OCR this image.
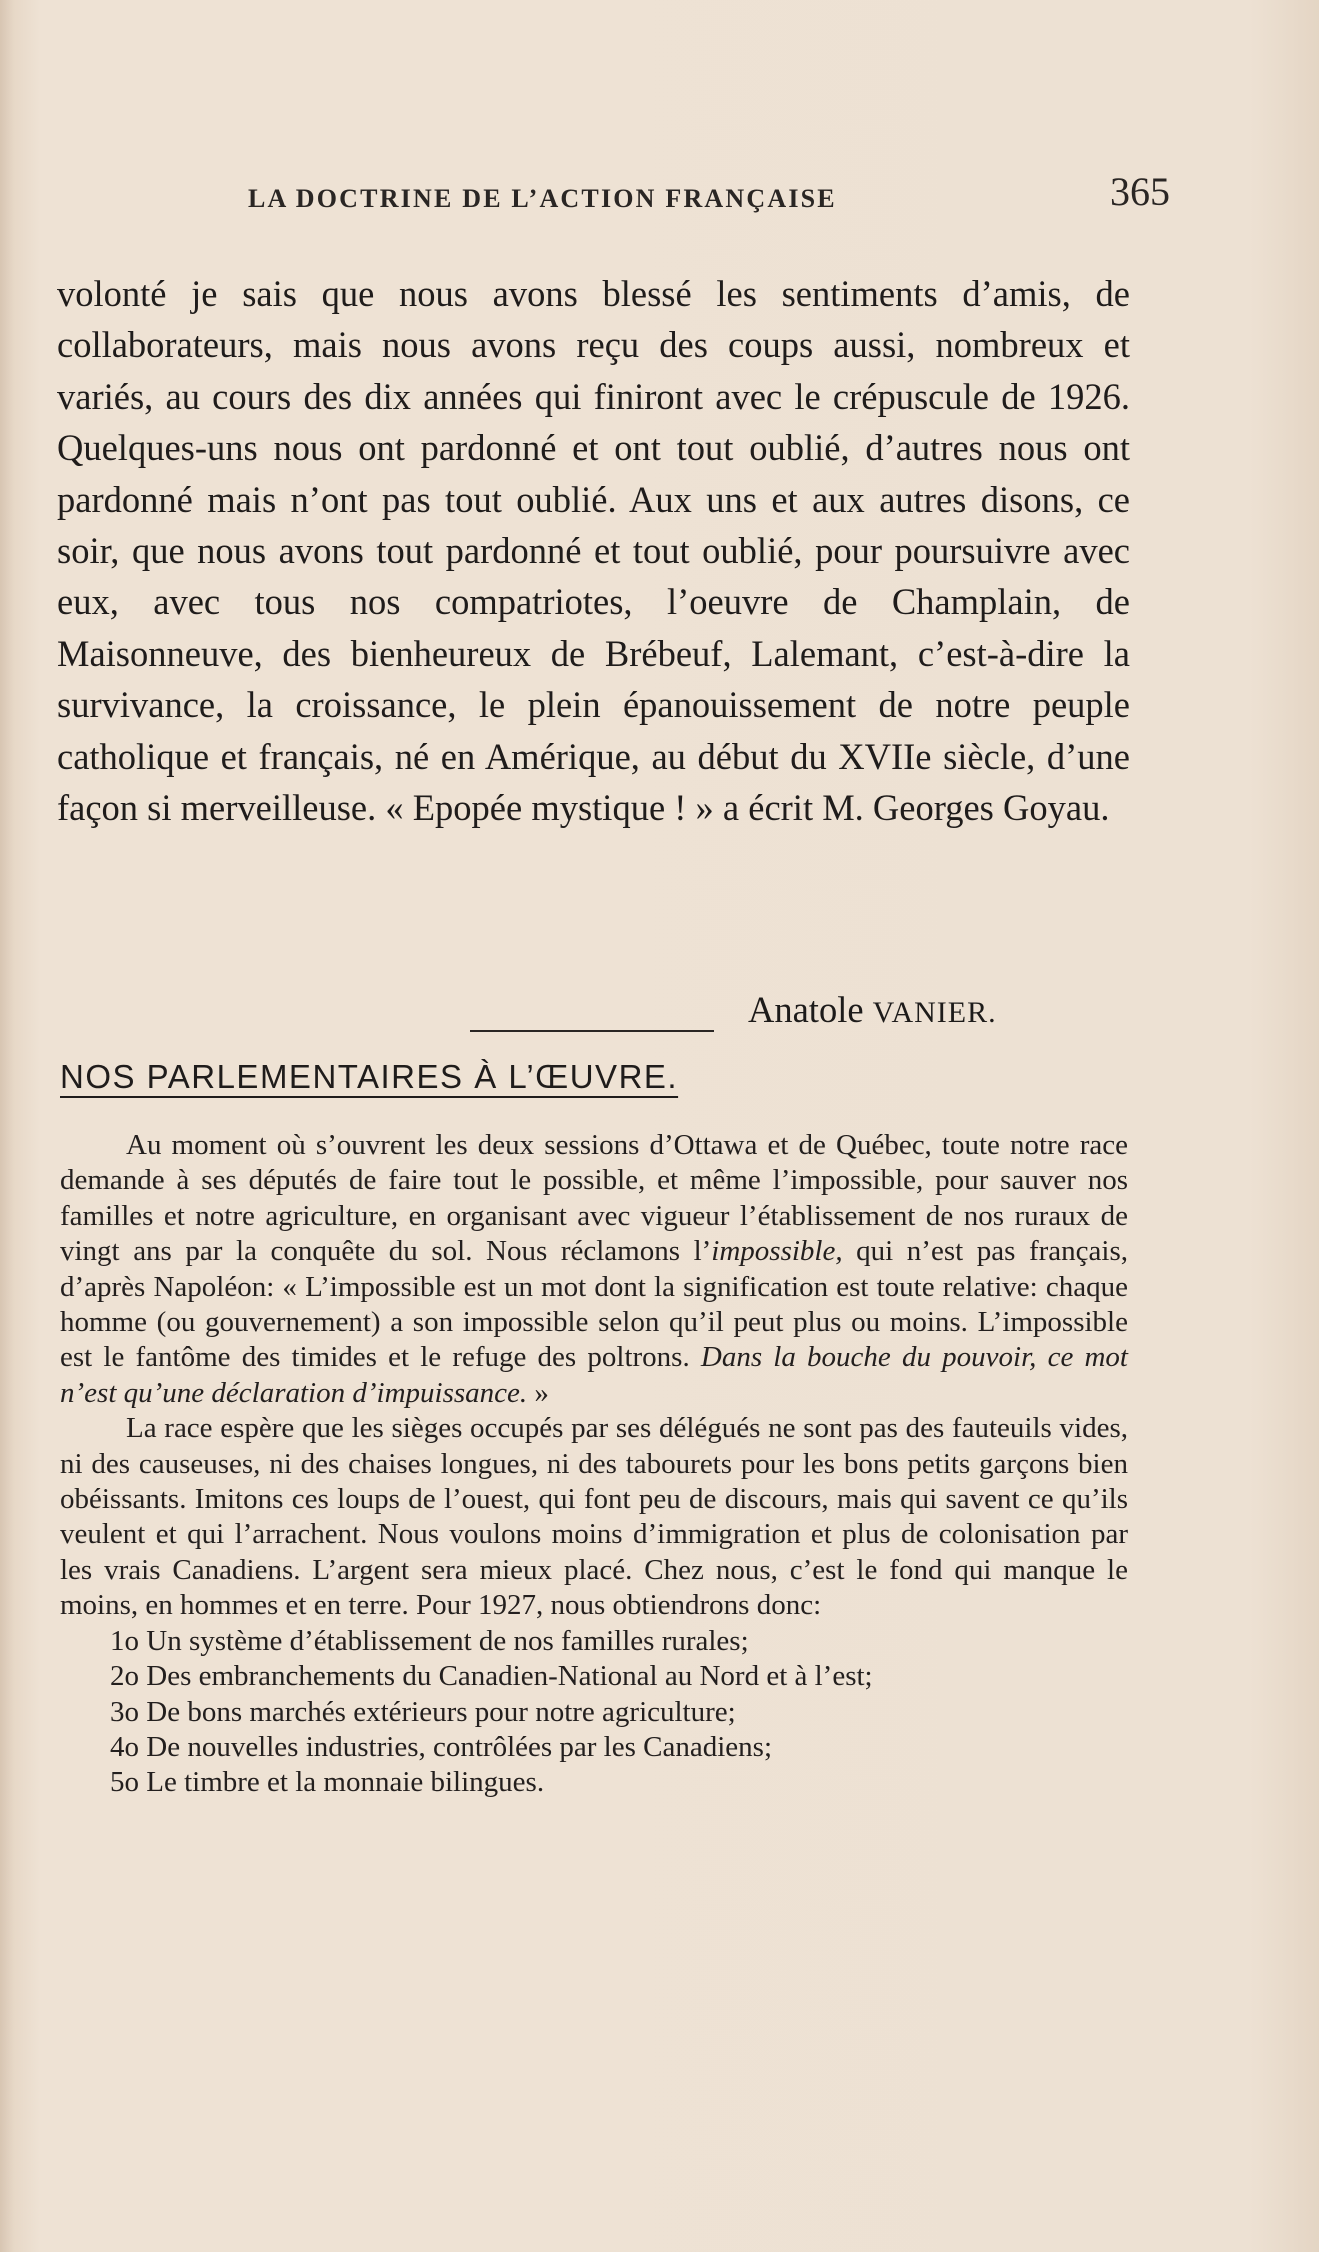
LA DOCTRINE DE L’ACTION FRANÇAISE	365

volonté je sais que nous avons blessé les sentiments d’amis, de collaborateurs, mais nous avons reçu des coups aussi, nombreux et variés, au cours des dix années qui finiront avec le crépuscule de 1926. Quelques-uns nous ont pardonné et ont tout oublié, d’autres nous ont pardonné mais n’ont pas tout oublié. Aux uns et aux autres disons, ce soir, que nous avons tout pardonné et tout oublié, pour poursuivre avec eux, avec tous nos compatriotes, l’oeuvre de Champlain, de Maisonneuve, des bienheureux de Brébeuf, Lalemant, c’est-à-dire la survivance, la croissance, le plein épanouissement de notre peuple catholique et français, né en Amérique, au début du XVIIe siècle, d’une façon si merveilleuse. « Epopée mystique ! » a écrit M. Georges Goyau.

Anatole VANIER.
NOS PARLEMENTAIRES À L’ŒUVRE.

Au moment où s’ouvrent les deux sessions d’Ottawa et de Québec, toute notre race demande à ses députés de faire tout le possible, et même l’impossible, pour sauver nos familles et notre agriculture, en organisant avec vigueur l’établissement de nos ruraux de vingt ans par la conquête du sol. Nous réclamons l’impossible, qui n’est pas français, d’après Napoléon: « L’impossible est un mot dont la signification est toute relative: chaque homme (ou gouvernement) a son impossible selon qu’il peut plus ou moins. L’impossible est le fantôme des timides et le refuge des poltrons. Dans la bouche du pouvoir, ce mot n’est qu’une déclaration d’impuissance. »

La race espère que les sièges occupés par ses délégués ne sont pas des fauteuils vides, ni des causeuses, ni des chaises longues, ni des tabourets pour les bons petits garçons bien obéissants. Imitons ces loups de l’ouest, qui font peu de discours, mais qui savent ce qu’ils veulent et qui l’arrachent. Nous voulons moins d’immigration et plus de colonisation par les vrais Canadiens. L’argent sera mieux placé. Chez nous, c’est le fond qui manque le moins, en hommes et en terre. Pour 1927, nous obtiendrons donc:

1o Un système d’établissement de nos familles rurales;
2o Des embranchements du Canadien-National au Nord et à l’est;
3o De bons marchés extérieurs pour notre agriculture;
4o De nouvelles industries, contrôlées par les Canadiens;
5o Le timbre et la monnaie bilingues.
